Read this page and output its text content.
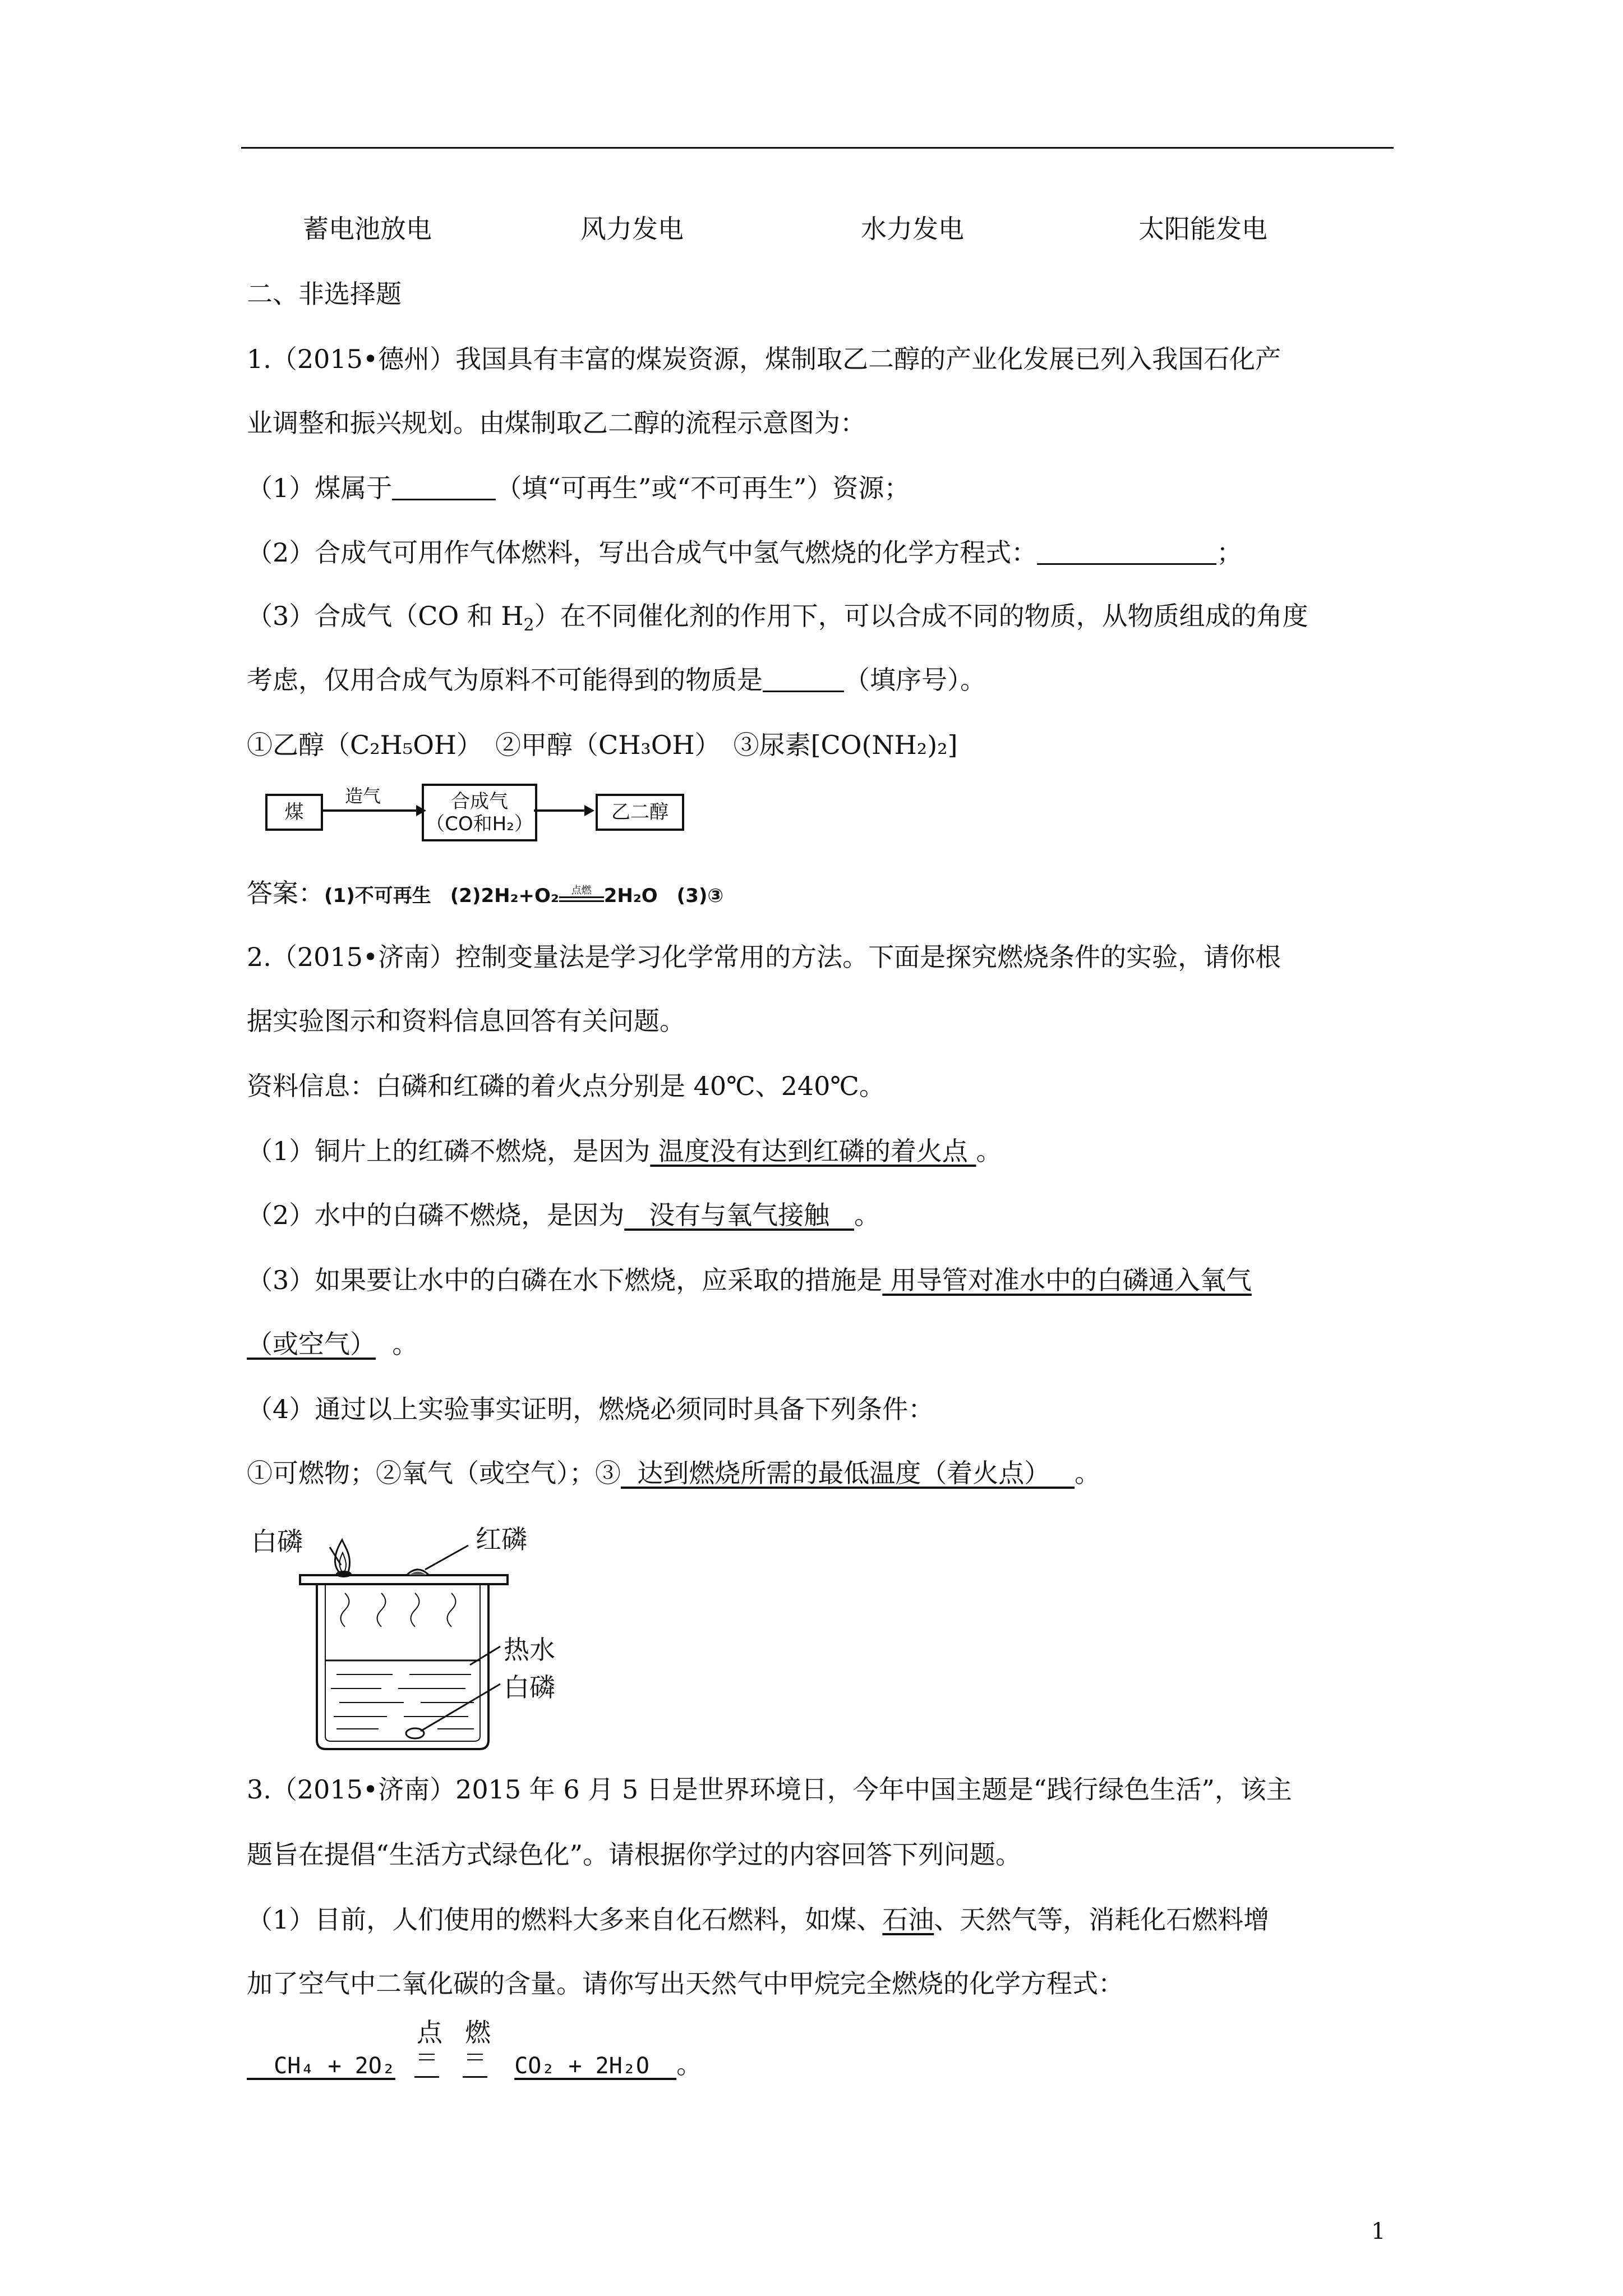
蓄电池放电	风力发电	水力发电	太阳能发电
二、非选择题
1.（2015•德州）我国具有丰富的煤炭资源，煤制取乙二醇的产业化发展已列入我国石化产
业调整和振兴规划。由煤制取乙二醇的流程示意图为：
（1）煤属于	（填“可再生”或“不可再生”）资源；
（2）合成气可用作气体燃料，写出合成气中氢气燃烧的化学方程式：	；
（3）合成气（CO 和 $H_2$）在不同催化剂的作用下，可以合成不同的物质，从物质组成的角度
考虑，仅用合成气为原料不可能得到的物质是	（填序号）。
①乙醇（C₂H₅OH）　②甲醇（CH₃OH）　③尿素[CO(NH₂)₂]
煤
造气	合成气
（CO和H₂）
乙二醇
答案：(1)不可再生　(2)2H₂+O₂	点燃 2H₂O　(3)③
2.（2015•济南）控制变量法是学习化学常用的方法。下面是探究燃烧条件的实验，请你根
据实验图示和资料信息回答有关问题。
资料信息：白磷和红磷的着火点分别是 40℃、240℃。
（1）铜片上的红磷不燃烧，是因为 温度没有达到红磷的着火点 。
（2）水中的白磷不燃烧，是因为   没有与氧气接触   。
（3）如果要让水中的白磷在水下燃烧，应采取的措施是 用导管对准水中的白磷通入氧气
（或空气）  。
（4）通过以上实验事实证明，燃烧必须同时具备下列条件：
①可燃物；②氧气（或空气）；③  达到燃烧所需的最低温度（着火点）   。
白磷	红磷
热水
白磷
3.（2015•济南）2015 年 6 月 5 日是世界环境日，今年中国主题是“践行绿色生活”，该主
题旨在提倡“生活方式绿色化”。请根据你学过的内容回答下列问题。
（1）目前，人们使用的燃料大多来自化石燃料，如煤、石油、天然气等，消耗化石燃料增
加了空气中二氧化碳的含量。请你写出天然气中甲烷完全燃烧的化学方程式：
CH₄ + 2O₂
点
燃
CO₂ + 2H₂O  。
1
